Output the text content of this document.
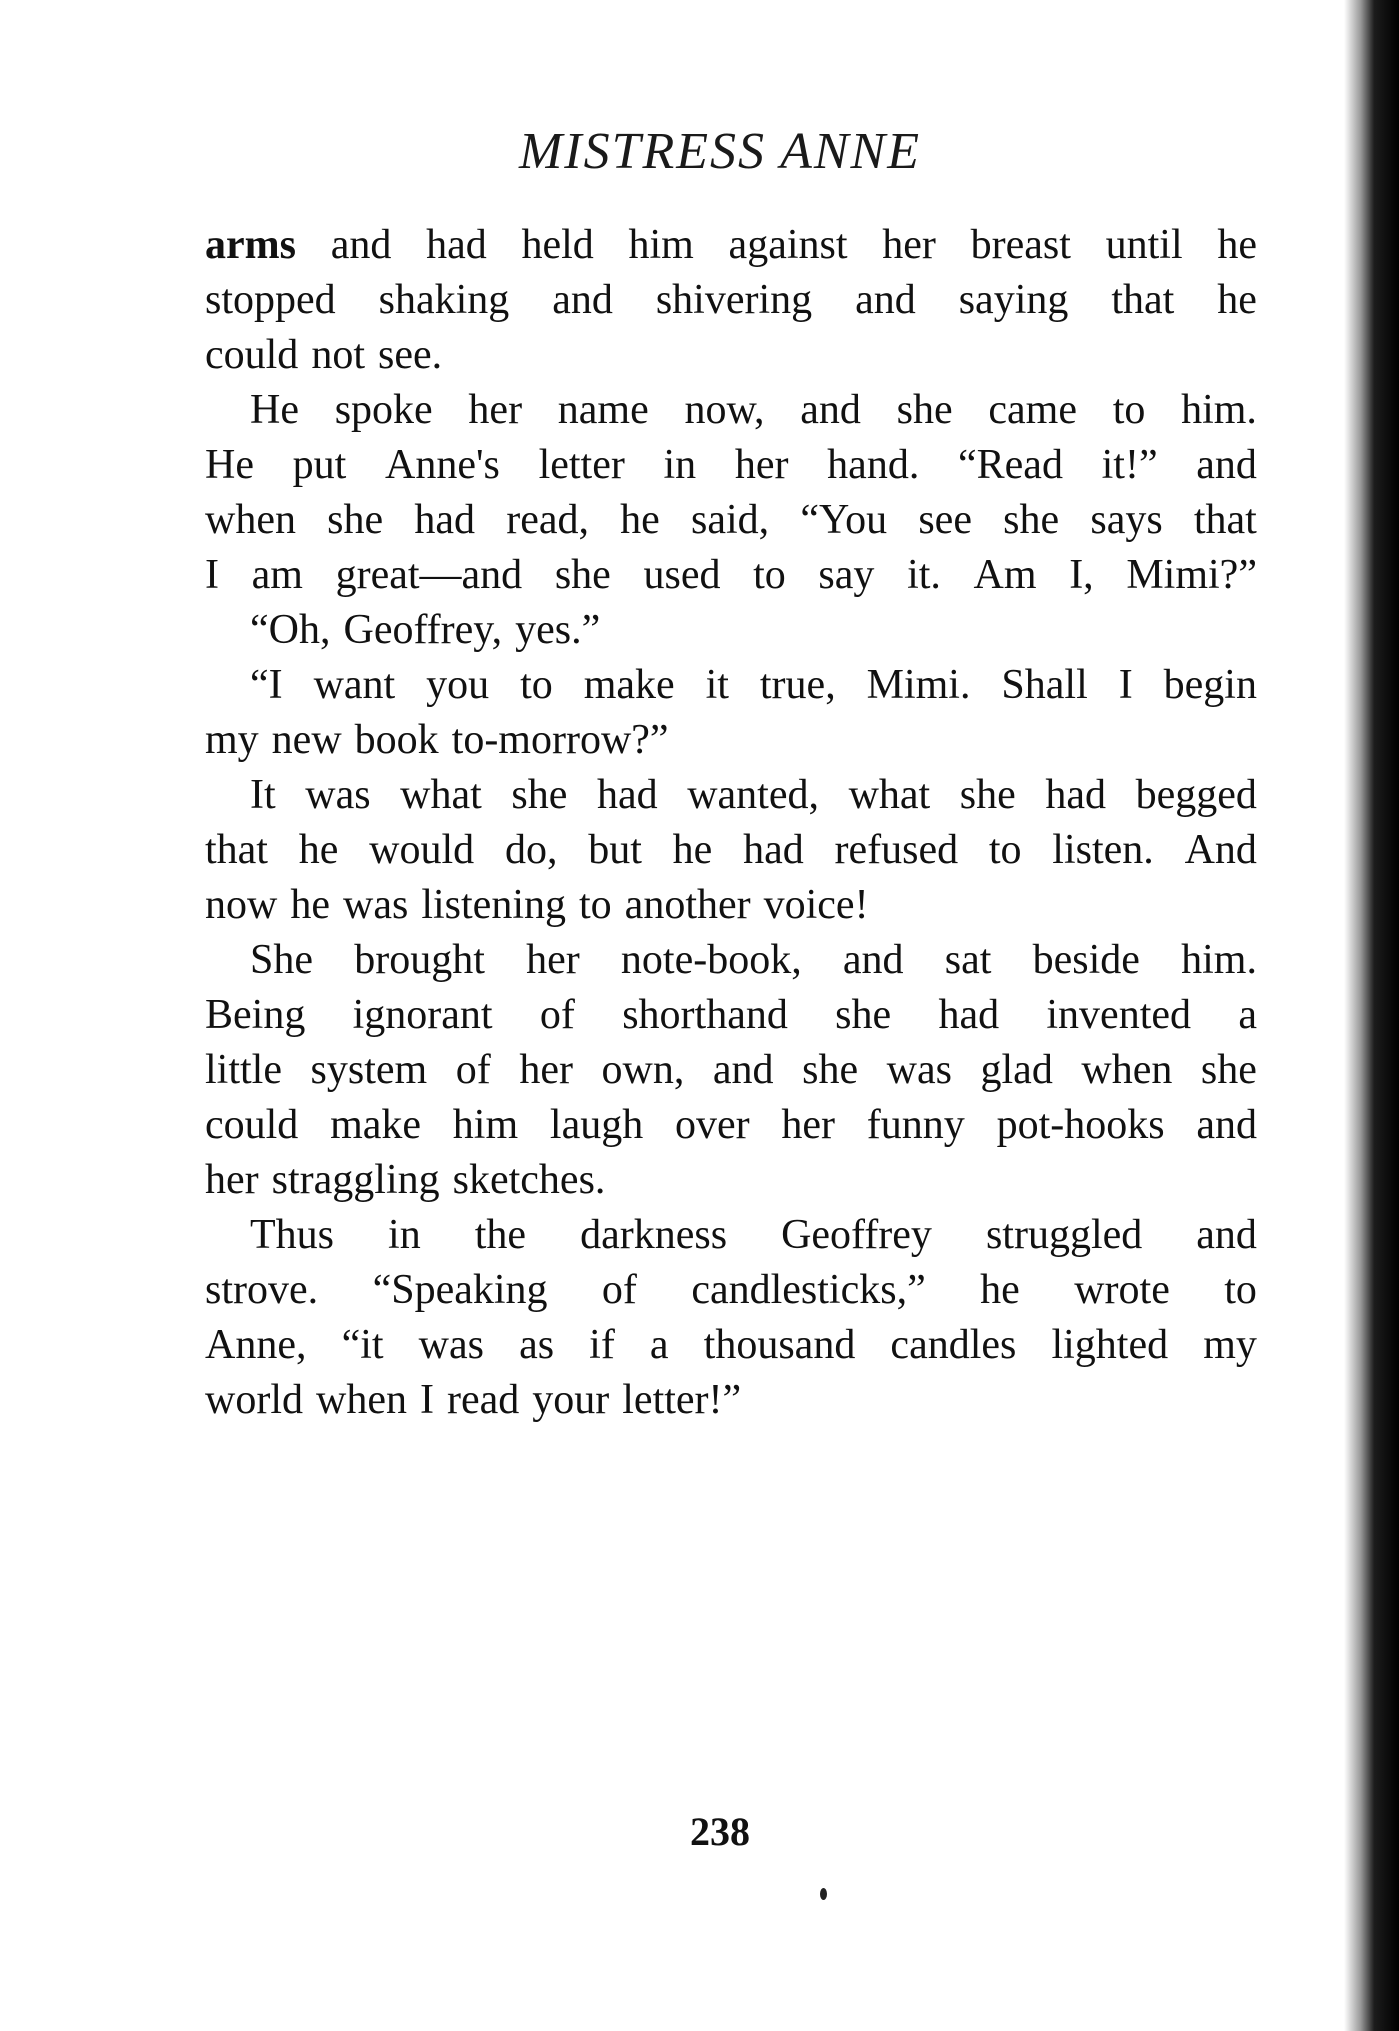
MISTRESS ANNE
arms and had held him against her breast until he
stopped shaking and shivering and saying that he
could not see.
He spoke her name now, and she came to him.
He put Anne's letter in her hand. “Read it!” and
when she had read, he said, “You see she says that
I am great—and she used to say it. Am I, Mimi?”
“Oh, Geoffrey, yes.”
“I want you to make it true, Mimi. Shall I begin
my new book to-morrow?”
It was what she had wanted, what she had begged
that he would do, but he had refused to listen. And
now he was listening to another voice!
She brought her note-book, and sat beside him.
Being ignorant of shorthand she had invented a
little system of her own, and she was glad when she
could make him laugh over her funny pot-hooks and
her straggling sketches.
Thus in the darkness Geoffrey struggled and
strove. “Speaking of candlesticks,” he wrote to
Anne, “it was as if a thousand candles lighted my
world when I read your letter!”
238
